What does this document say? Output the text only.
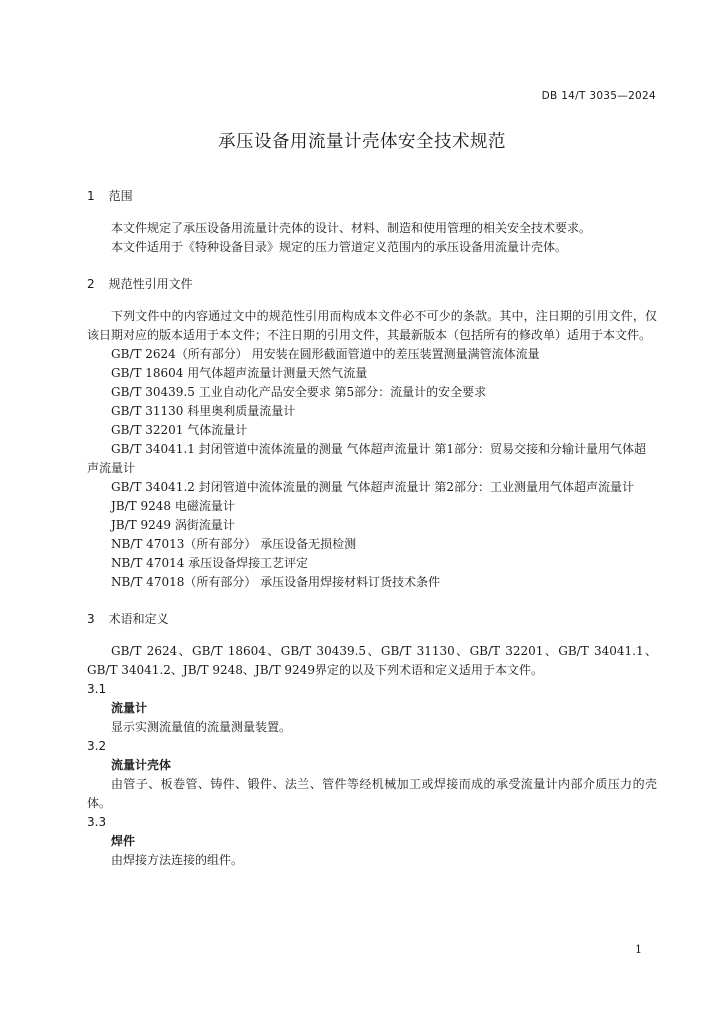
DB 14/T 3035—2024
承压设备用流量计壳体安全技术规范
1 范围

本文件规定了承压设备用流量计壳体的设计、材料、制造和使用管理的相关安全技术要求。

本文件适用于《特种设备目录》规定的压力管道定义范围内的承压设备用流量计壳体。

2 规范性引用文件

下列文件中的内容通过文中的规范性引用而构成本文件必不可少的条款。其中，注日期的引用文件，仅该日期对应的版本适用于本文件；不注日期的引用文件，其最新版本（包括所有的修改单）适用于本文件。

GB/T 2624（所有部分） 用安装在圆形截面管道中的差压装置测量满管流体流量

GB/T 18604 用气体超声流量计测量天然气流量

GB/T 30439.5 工业自动化产品安全要求 第5部分：流量计的安全要求

GB/T 31130 科里奥利质量流量计

GB/T 32201 气体流量计

GB/T 34041.1 封闭管道中流体流量的测量 气体超声流量计 第1部分：贸易交接和分输计量用气体超声流量计

GB/T 34041.2 封闭管道中流体流量的测量 气体超声流量计 第2部分：工业测量用气体超声流量计

JB/T 9248 电磁流量计

JB/T 9249 涡街流量计

NB/T 47013（所有部分） 承压设备无损检测

NB/T 47014 承压设备焊接工艺评定

NB/T 47018（所有部分） 承压设备用焊接材料订货技术条件

3 术语和定义

GB/T 2624、GB/T 18604、GB/T 30439.5、GB/T 31130、GB/T 32201、GB/T 34041.1、GB/T 34041.2、JB/T 9248、JB/T 9249界定的以及下列术语和定义适用于本文件。

3.1

流量计

显示实测流量值的流量测量装置。

3.2

流量计壳体

由管子、板卷管、铸件、锻件、法兰、管件等经机械加工或焊接而成的承受流量计内部介质压力的壳体。

3.3

焊件

由焊接方法连接的组件。

1
